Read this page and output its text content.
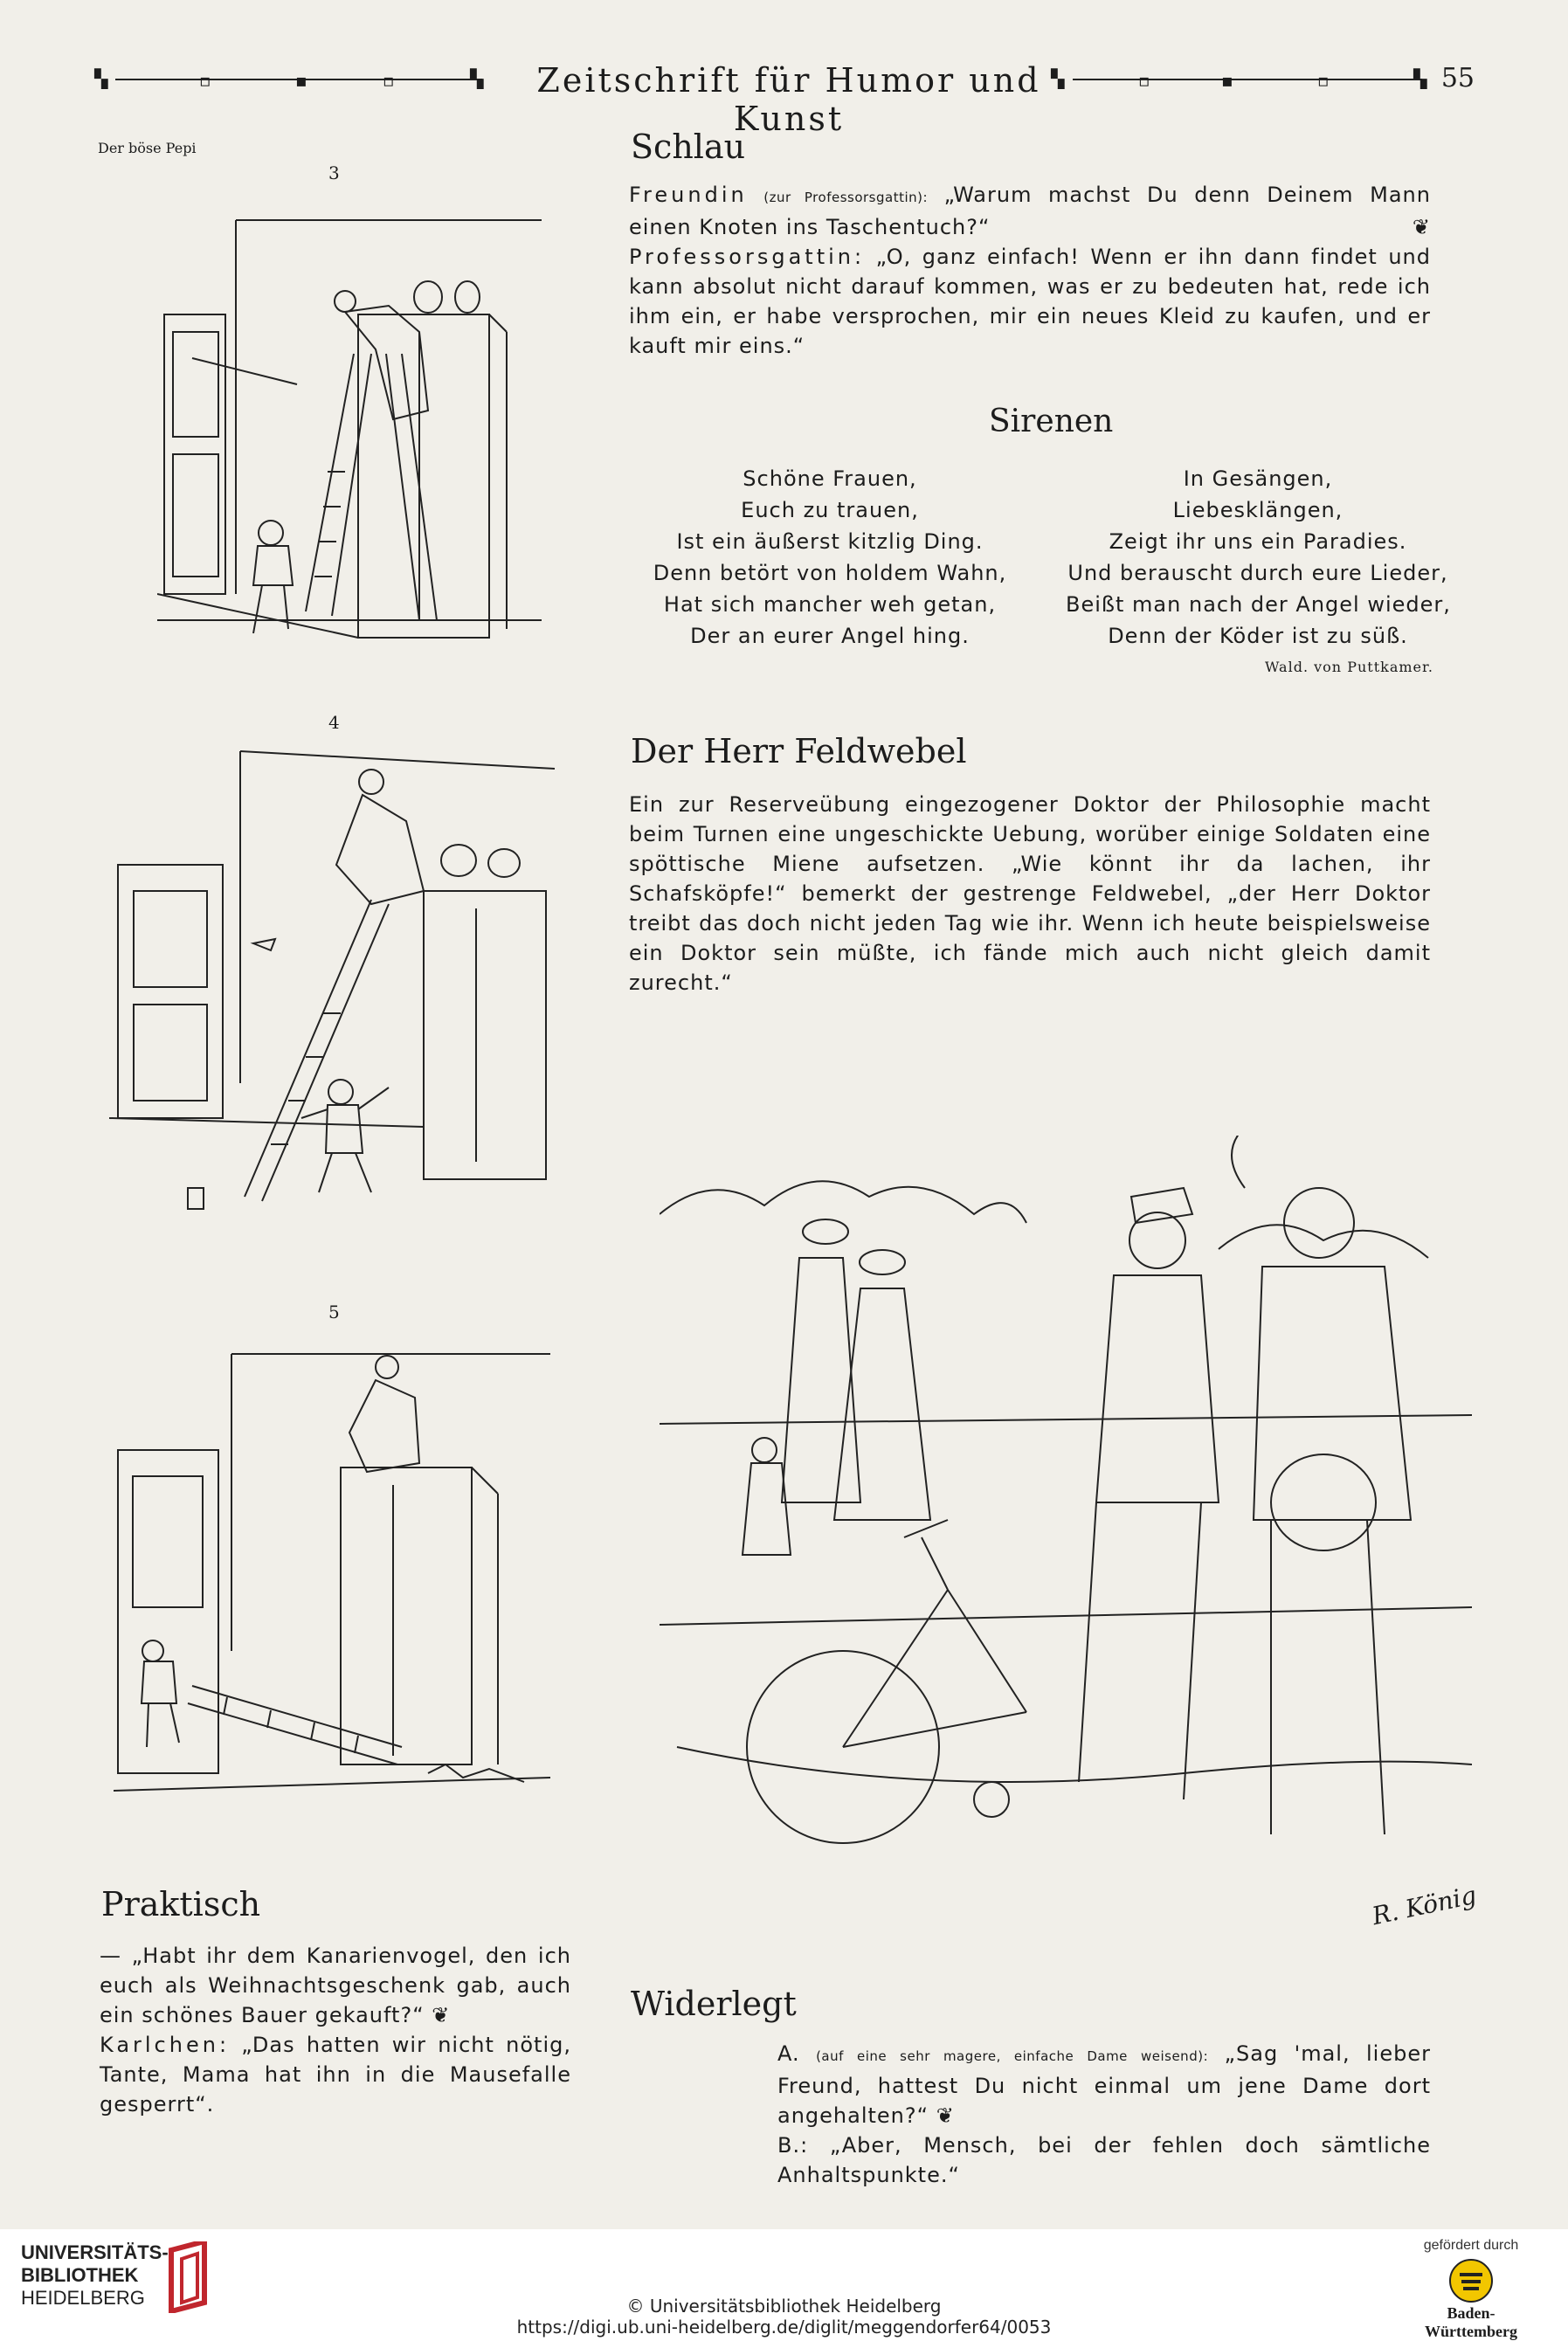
▚	▫	▪	▫	▚	Zeitschrift für Humor und Kunst
▚	▫	▪	▫	▚ 55
Der böse Pepi
3
4
5
Schlau

Freundin (zur Professorsgattin): „Warum machst Du denn Deinem Mann einen Knoten ins Taschentuch?“	❦

Professorsgattin: „O, ganz einfach! Wenn er ihn dann findet und kann absolut nicht darauf kommen, was er zu bedeuten hat, rede ich ihm ein, er habe versprochen, mir ein neues Kleid zu kaufen, und er kauft mir eins.“

Sirenen
Schöne Frauen,
Euch zu trauen,
Ist ein äußerst kitzlig Ding.
Denn betört von holdem Wahn,
Hat sich mancher weh getan,
Der an eurer Angel hing.
In Gesängen,
Liebesklängen,
Zeigt ihr uns ein Paradies.
Und berauscht durch eure Lieder,
Beißt man nach der Angel wieder,
Denn der Köder ist zu süß.
Wald. von Puttkamer.
Der Herr Feldwebel

Ein zur Reserveübung eingezogener Doktor der Philosophie macht beim Turnen eine ungeschickte Uebung, worüber einige Soldaten eine spöttische Miene aufsetzen. „Wie könnt ihr da lachen, ihr Schafsköpfe!“ bemerkt der gestrenge Feldwebel, „der Herr Doktor treibt das doch nicht jeden Tag wie ihr. Wenn ich heute beispielsweise ein Doktor sein müßte, ich fände mich auch nicht gleich damit zurecht.“

R. König
Praktisch

— „Habt ihr dem Kanarienvogel, den ich euch als Weihnachtsgeschenk gab, auch ein schönes Bauer gekauft?“ ❦

Karlchen: „Das hatten wir nicht nötig, Tante, Mama hat ihn in die Mausefalle gesperrt“.

Widerlegt

A. (auf eine sehr magere, einfache Dame weisend): „Sag 'mal, lieber Freund, hattest Du nicht einmal um jene Dame dort angehalten?“ ❦

B.: „Aber, Mensch, bei der fehlen doch sämtliche Anhaltspunkte.“

UNIVERSITÄTS-
BIBLIOTHEK
HEIDELBERG	© Universitätsbibliothek Heidelberg
https://digi.ub.uni-heidelberg.de/diglit/meggendorfer64/0053
gefördert durch
Baden-Württemberg
